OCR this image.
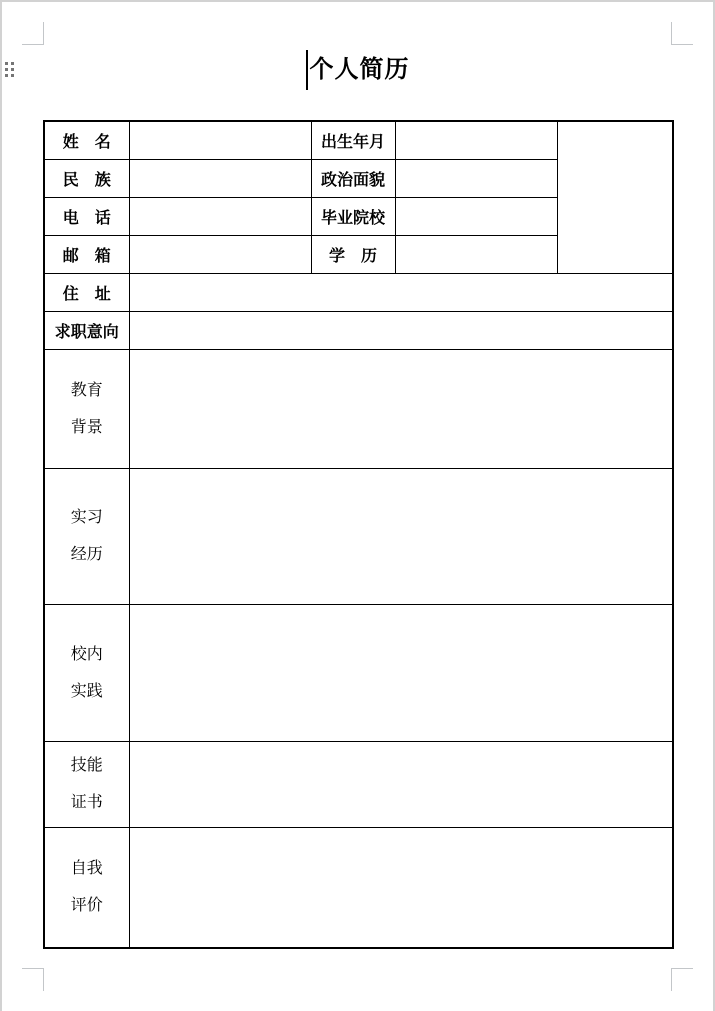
个人简历
姓　名		出生年月		
民　族		政治面貌		
电　话		毕业院校		
邮　箱		学　历		
住　址				
求职意向				

教育
背景				

实习
经历				

校内
实践				

技能
证书				

自我
评价				
